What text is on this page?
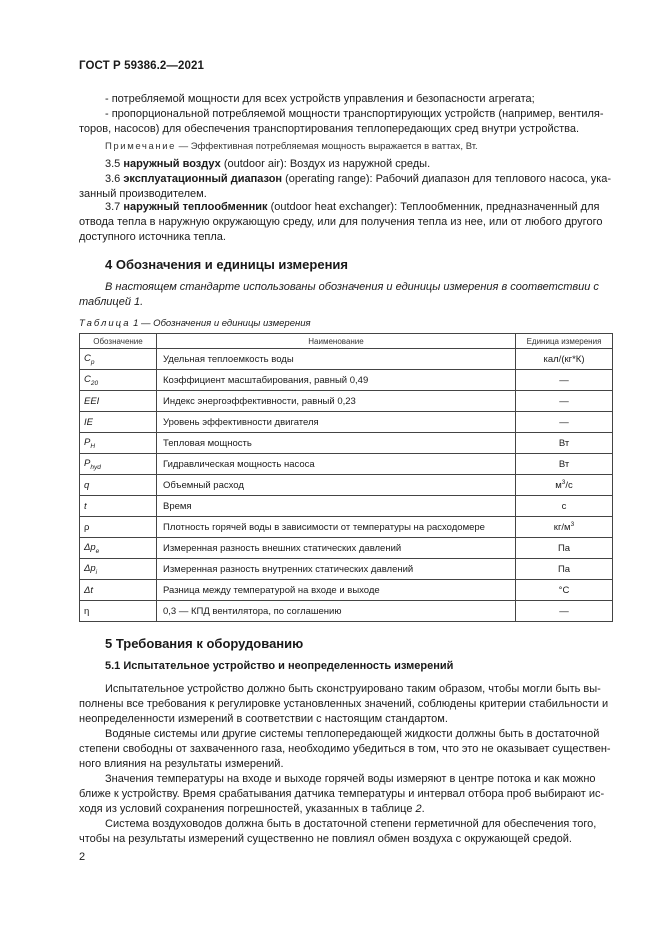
ГОСТ Р 59386.2—2021

- потребляемой мощности для всех устройств управления и безопасности агрегата;

- пропорциональной потребляемой мощности транспортирующих устройств (например, вентиля-

торов, насосов) для обеспечения транспортирования теплопередающих сред внутри устройства.

Примечание — Эффективная потребляемая мощность выражается в ваттах, Вт.

3.5 наружный воздух (outdoor air): Воздух из наружной среды.

3.6 эксплуатационный диапазон (operating range): Рабочий диапазон для теплового насоса, ука-

занный производителем.

3.7 наружный теплообменник (outdoor heat exchanger): Теплообменник, предназначенный для

отвода тепла в наружную окружающую среду, или для получения тепла из нее, или от любого другого

доступного источника тепла.

4 Обозначения и единицы измерения
В настоящем стандарте использованы обозначения и единицы измерения в соответствии с
таблицей 1.
Таблица 1 — Обозначения и единицы измерения
Обозначение	Наименование	Единица измерения
$C_p$	Удельная теплоемкость воды	кал/(кг*К)
$C_{20}$	Коэффициент масштабирования, равный 0,49	—
EEI	Индекс энергоэффективности, равный 0,23	—
IE	Уровень эффективности двигателя	—
$P_H$	Тепловая мощность	Вт
$P_{hyd}$	Гидравлическая мощность насоса	Вт
q	Объемный расход	$м^3/с$
t	Время	с
ρ	Плотность горячей воды в зависимости от температуры на расходомере	$кг/м^3$
$\Delta p_e$	Измеренная разность внешних статических давлений	Па
$\Delta p_i$	Измеренная разность внутренних статических давлений	Па
Δt	Разница между температурой на входе и выходе	°C
η	0,3 — КПД вентилятора, по соглашению	—
5 Требования к оборудованию
5.1 Испытательное устройство и неопределенность измерений

Испытательное устройство должно быть сконструировано таким образом, чтобы могли быть вы-

полнены все требования к регулировке установленных значений, соблюдены критерии стабильности и

неопределенности измерений в соответствии с настоящим стандартом.

Водяные системы или другие системы теплопередающей жидкости должны быть в достаточной

степени свободны от захваченного газа, необходимо убедиться в том, что это не оказывает существен-

ного влияния на результаты измерений.

Значения температуры на входе и выходе горячей воды измеряют в центре потока и как можно

ближе к устройству. Время срабатывания датчика температуры и интервал отбора проб выбирают ис-

ходя из условий сохранения погрешностей, указанных в таблице 2.

Система воздуховодов должна быть в достаточной степени герметичной для обеспечения того,

чтобы на результаты измерений существенно не повлиял обмен воздуха с окружающей средой.

2
